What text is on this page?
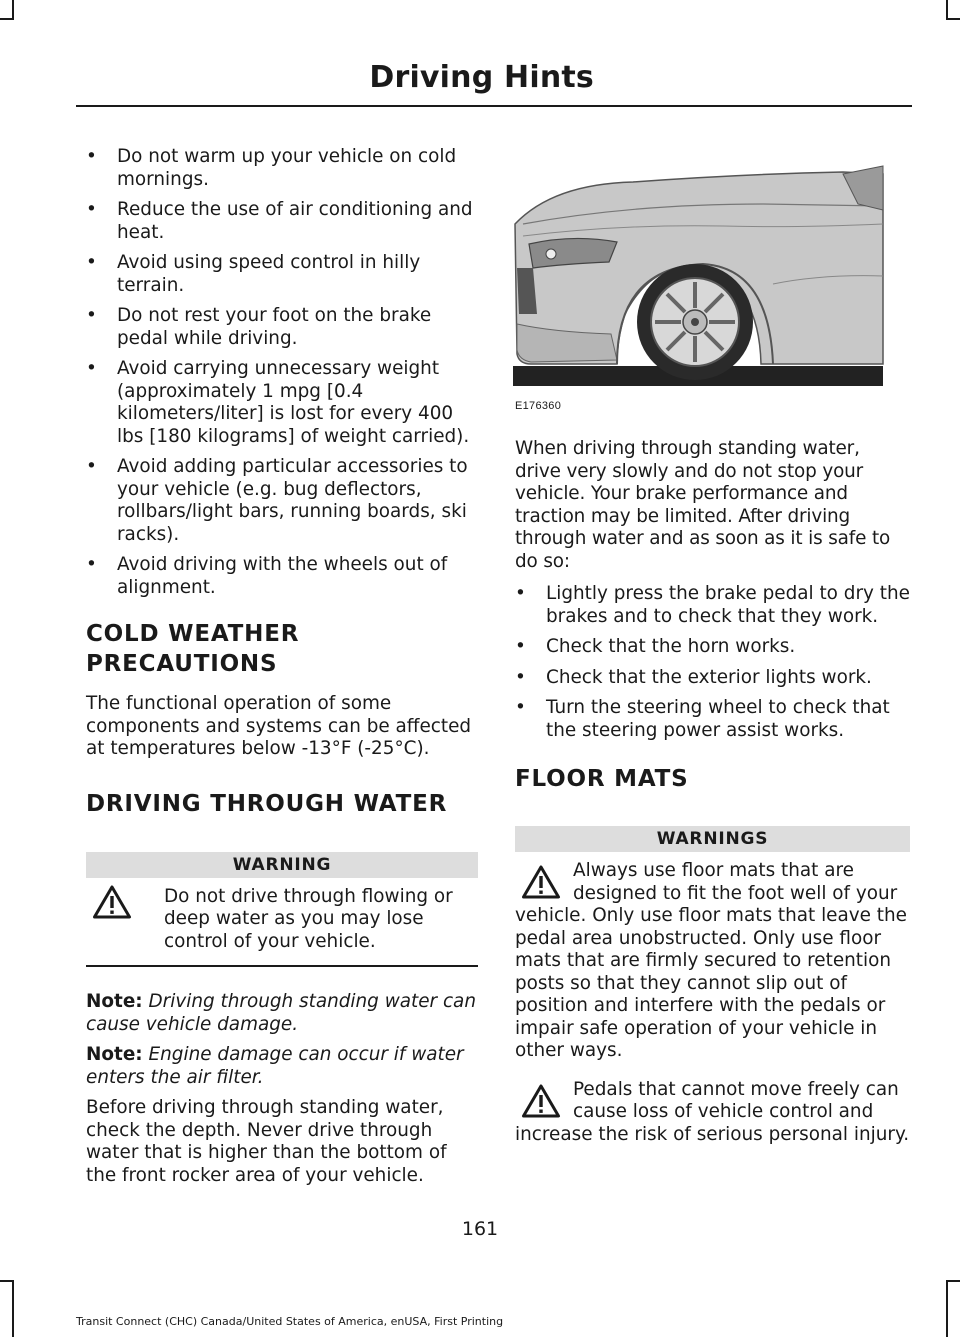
Driving Hints
• Do not warm up your vehicle on cold mornings.
• Reduce the use of air conditioning and heat.
• Avoid using speed control in hilly terrain.
• Do not rest your foot on the brake pedal while driving.
• Avoid carrying unnecessary weight (approximately 1 mpg [0.4 kilometers/liter] is lost for every 400 lbs [180 kilograms] of weight carried).
• Avoid adding particular accessories to your vehicle (e.g. bug deflectors, rollbars/light bars, running boards, ski racks).
• Avoid driving with the wheels out of alignment.
COLD WEATHER PRECAUTIONS

The functional operation of some components and systems can be affected at temperatures below -13°F (-25°C).

DRIVING THROUGH WATER
WARNING

Do not drive through flowing or deep water as you may lose control of your vehicle.

Note: Driving through standing water can cause vehicle damage.

Note: Engine damage can occur if water enters the air filter.

Before driving through standing water, check the depth. Never drive through water that is higher than the bottom of the front rocker area of your vehicle.

E176360

When driving through standing water, drive very slowly and do not stop your vehicle. Your brake performance and traction may be limited. After driving through water and as soon as it is safe to do so:

• Lightly press the brake pedal to dry the brakes and to check that they work.
• Check that the horn works.
• Check that the exterior lights work.
• Turn the steering wheel to check that the steering power assist works.
FLOOR MATS
WARNINGS

Always use floor mats that are designed to fit the foot well of your vehicle. Only use floor mats that leave the pedal area unobstructed. Only use floor mats that are firmly secured to retention posts so that they cannot slip out of position and interfere with the pedals or impair safe operation of your vehicle in other ways.

Pedals that cannot move freely can cause loss of vehicle control and increase the risk of serious personal injury.

161
Transit Connect (CHC) Canada/United States of America, enUSA, First Printing
